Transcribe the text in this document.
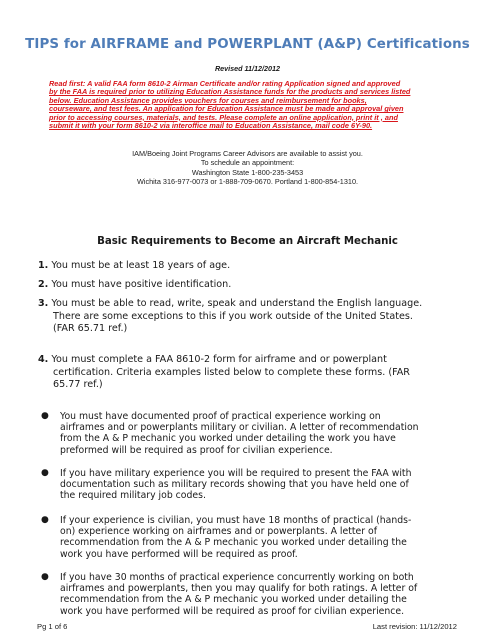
TIPS for AIRFRAME and POWERPLANT (A&P) Certifications
Revised 11/12/2012
Read first: A valid FAA form 8610-2 Airman Certificate and/or rating Application signed and approved
by the FAA is required prior to utilizing Education Assistance funds for the products and services listed
below. Education Assistance provides vouchers for courses and reimbursement for books,
courseware, and test fees. An application for Education Assistance must be made and approval given
prior to accessing courses, materials, and tests. Please complete an online application, print it , and
submit it with your form 8610-2 via interoffice mail to Education Assistance, mail code 6Y-90.
IAM/Boeing Joint Programs Career Advisors are available to assist you.
To schedule an appointment:
Washington State 1-800-235-3453
Wichita 316-977-0073 or 1-888-709-0670. Portland 1-800-854-1310.
Basic Requirements to Become an Aircraft Mechanic
1. You must be at least 18 years of age.
2. You must have positive identification.
3. You must be able to read, write, speak and understand the English language.
There are some exceptions to this if you work outside of the United States.
(FAR 65.71 ref.)
4. You must complete a FAA 8610-2 form for airframe and or powerplant
certification. Criteria examples listed below to complete these forms. (FAR
65.77 ref.)
● You must have documented proof of practical experience working on
airframes and or powerplants military or civilian. A letter of recommendation
from the A & P mechanic you worked under detailing the work you have
preformed will be required as proof for civilian experience.
● If you have military experience you will be required to present the FAA with
documentation such as military records showing that you have held one of
the required military job codes.
● If your experience is civilian, you must have 18 months of practical (hands-
on) experience working on airframes and or powerplants. A letter of
recommendation from the A & P mechanic you worked under detailing the
work you have performed will be required as proof.
● If you have 30 months of practical experience concurrently working on both
airframes and powerplants, then you may qualify for both ratings. A letter of
recommendation from the A & P mechanic you worked under detailing the
work you have performed will be required as proof for civilian experience.
Pg 1 of 6	Last revision: 11/12/2012
